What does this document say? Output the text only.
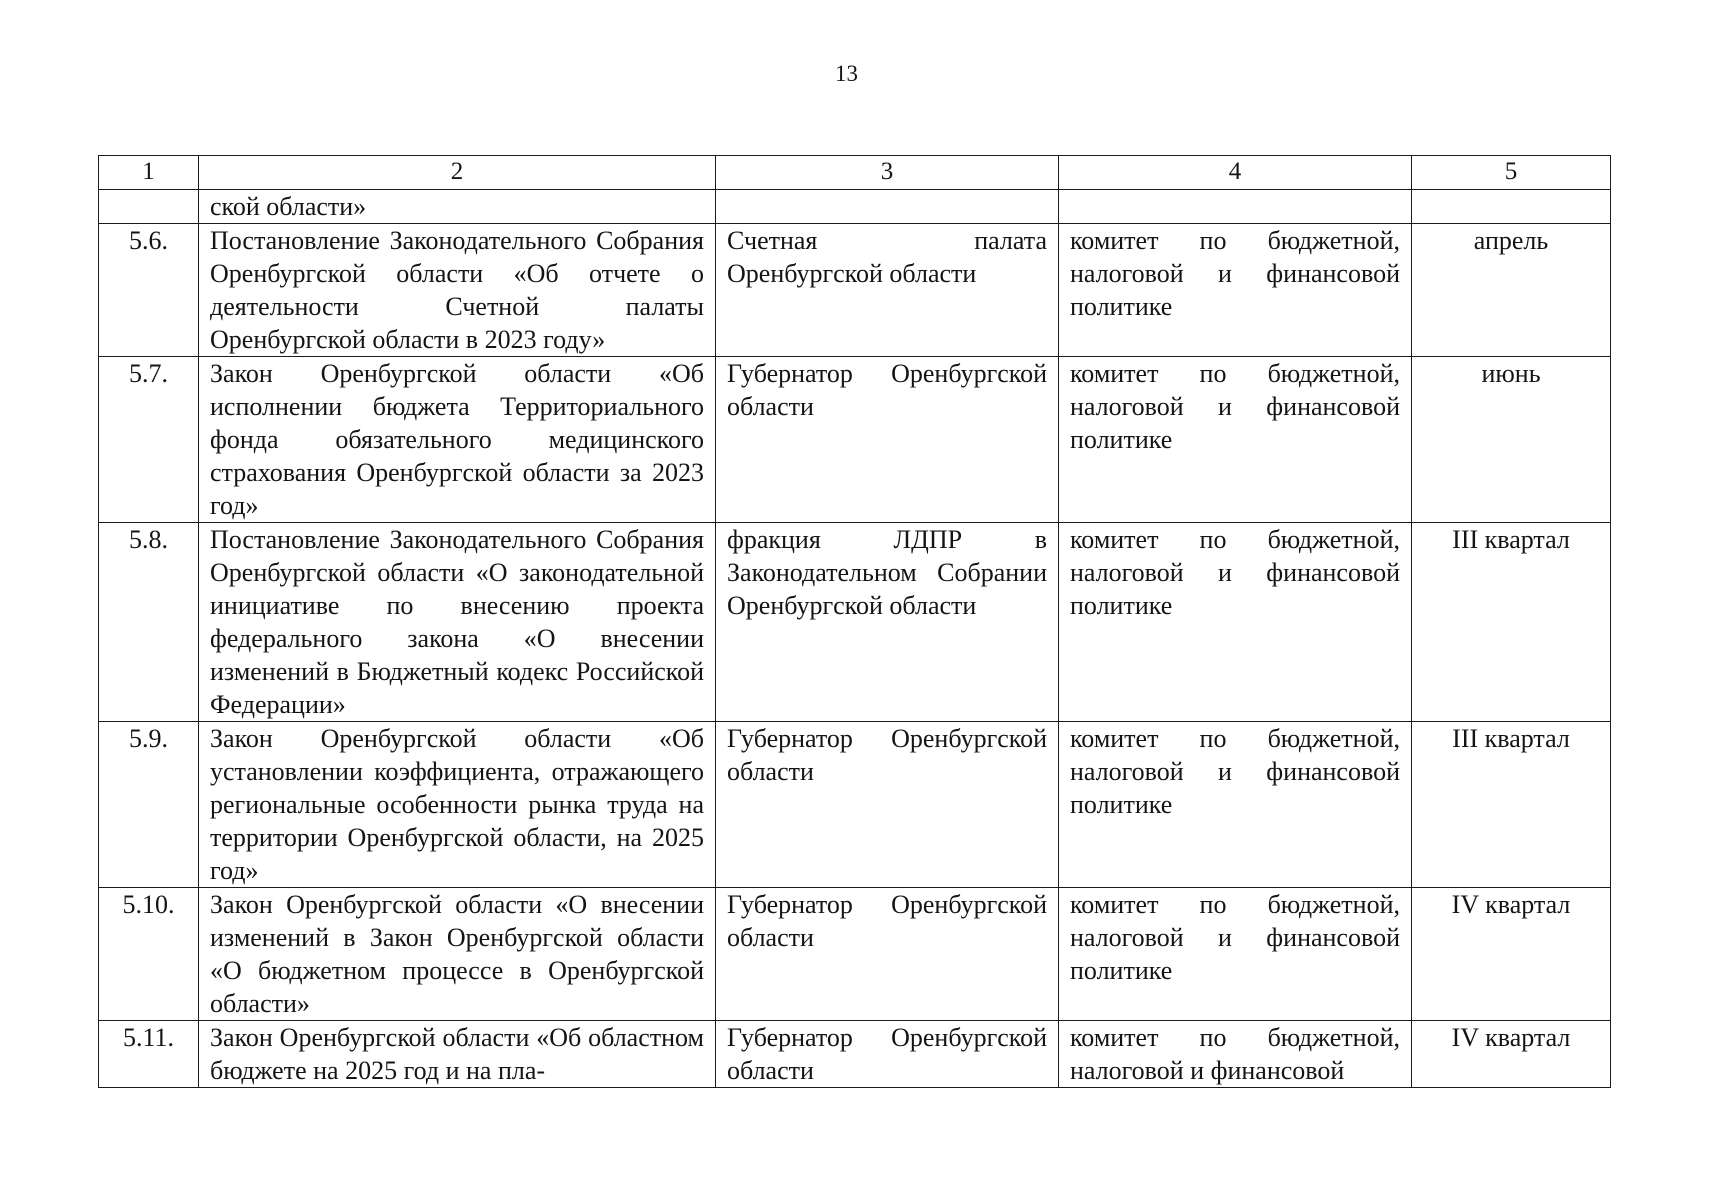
13
1	2	3	4	5
	ской области»			
5.6.	Постановление Законодательного Собрания Оренбургской области «Об отчете о деятельности Счетной палаты Оренбургской области в 2023 году»	Счетная палата Оренбургской области	комитет по бюджетной, налоговой и финансовой политике	апрель
5.7.	Закон Оренбургской области «Об исполнении бюджета Территориального фонда обязательного медицинского страхования Оренбургской области за 2023 год»	Губернатор Оренбургской области	комитет по бюджетной, налоговой и финансовой политике	июнь
5.8.	Постановление Законодательного Собрания Оренбургской области «О законодательной инициативе по внесению проекта федерального закона «О внесении изменений в Бюджетный кодекс Российской Федерации»	фракция ЛДПР в Законодательном Собрании Оренбургской области	комитет по бюджетной, налоговой и финансовой политике	III квартал
5.9.	Закон Оренбургской области «Об установлении коэффициента, отражающего региональные особенности рынка труда на территории Оренбургской области, на 2025 год»	Губернатор Оренбургской области	комитет по бюджетной, налоговой и финансовой политике	III квартал
5.10.	Закон Оренбургской области «О внесении изменений в Закон Оренбургской области «О бюджетном процессе в Оренбургской области»	Губернатор Оренбургской области	комитет по бюджетной, налоговой и финансовой политике	IV квартал
5.11.	Закон Оренбургской области «Об областном бюджете на 2025 год и на пла-	Губернатор Оренбургской области	комитет по бюджетной, налоговой и финансовой	IV квартал
